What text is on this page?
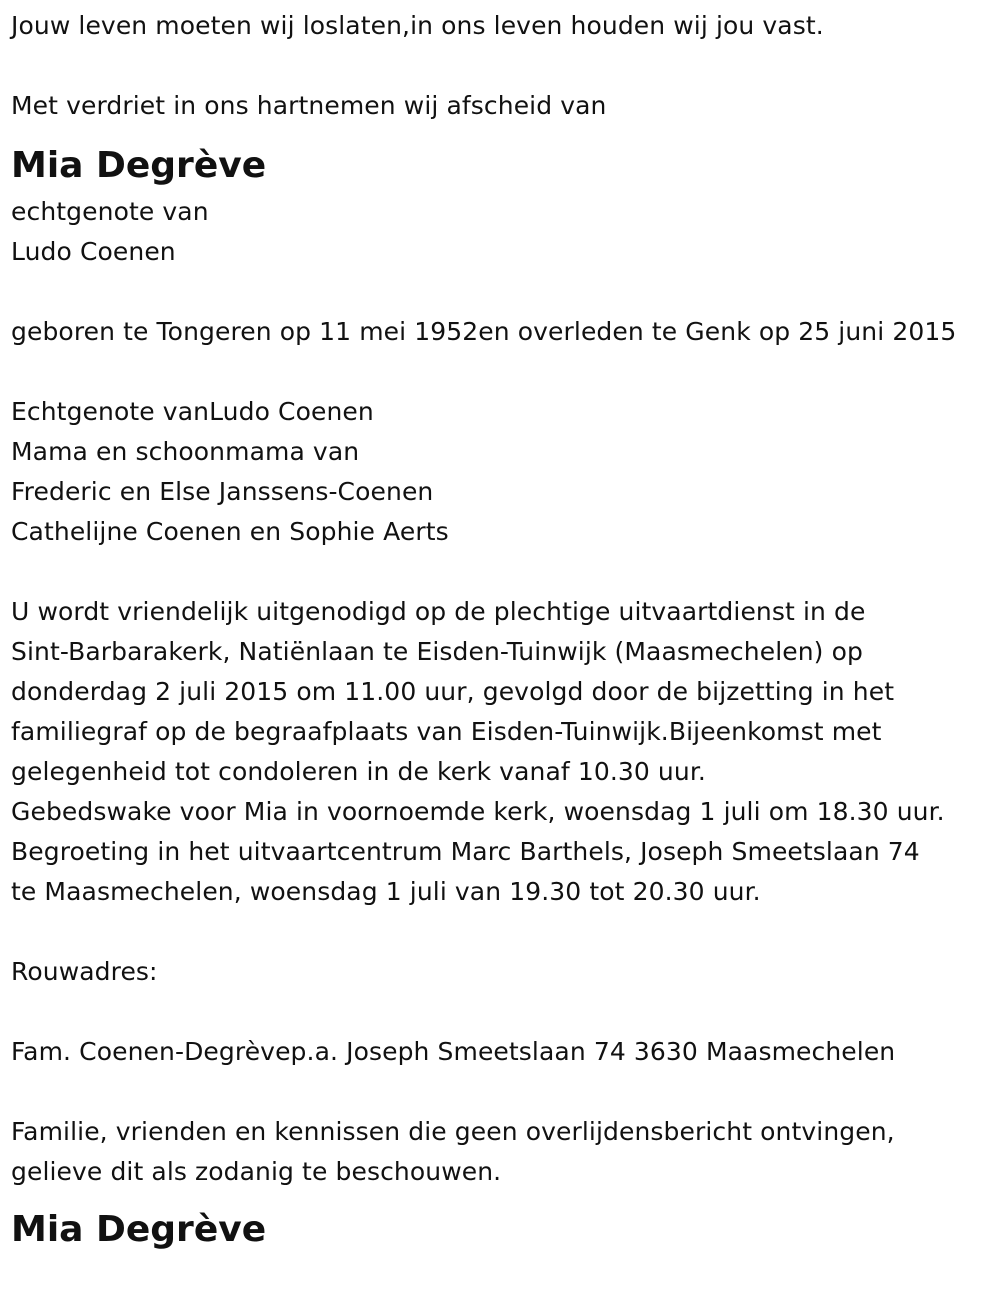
Jouw leven moeten wij loslaten,in ons leven houden wij jou vast.
Met verdriet in ons hartnemen wij afscheid van
Mia Degrève
echtgenote van
Ludo Coenen
geboren te Tongeren op 11 mei 1952en overleden te Genk op 25 juni 2015
Echtgenote vanLudo Coenen
Mama en schoonmama van
Frederic en Else Janssens-Coenen
Cathelijne Coenen en Sophie Aerts
U wordt vriendelijk uitgenodigd op de plechtige uitvaartdienst in de
Sint-Barbarakerk, Natiënlaan te Eisden-Tuinwijk (Maasmechelen) op
donderdag 2 juli 2015 om 11.00 uur, gevolgd door de bijzetting in het
familiegraf op de begraafplaats van Eisden-Tuinwijk.Bijeenkomst met
gelegenheid tot condoleren in de kerk vanaf 10.30 uur.
Gebedswake voor Mia in voornoemde kerk, woensdag 1 juli om 18.30 uur.
Begroeting in het uitvaartcentrum Marc Barthels, Joseph Smeetslaan 74
te Maasmechelen, woensdag 1 juli van 19.30 tot 20.30 uur.
Rouwadres:
Fam. Coenen-Degrèvep.a. Joseph Smeetslaan 74 3630 Maasmechelen
Familie, vrienden en kennissen die geen overlijdensbericht ontvingen,
gelieve dit als zodanig te beschouwen.
Mia Degrève
